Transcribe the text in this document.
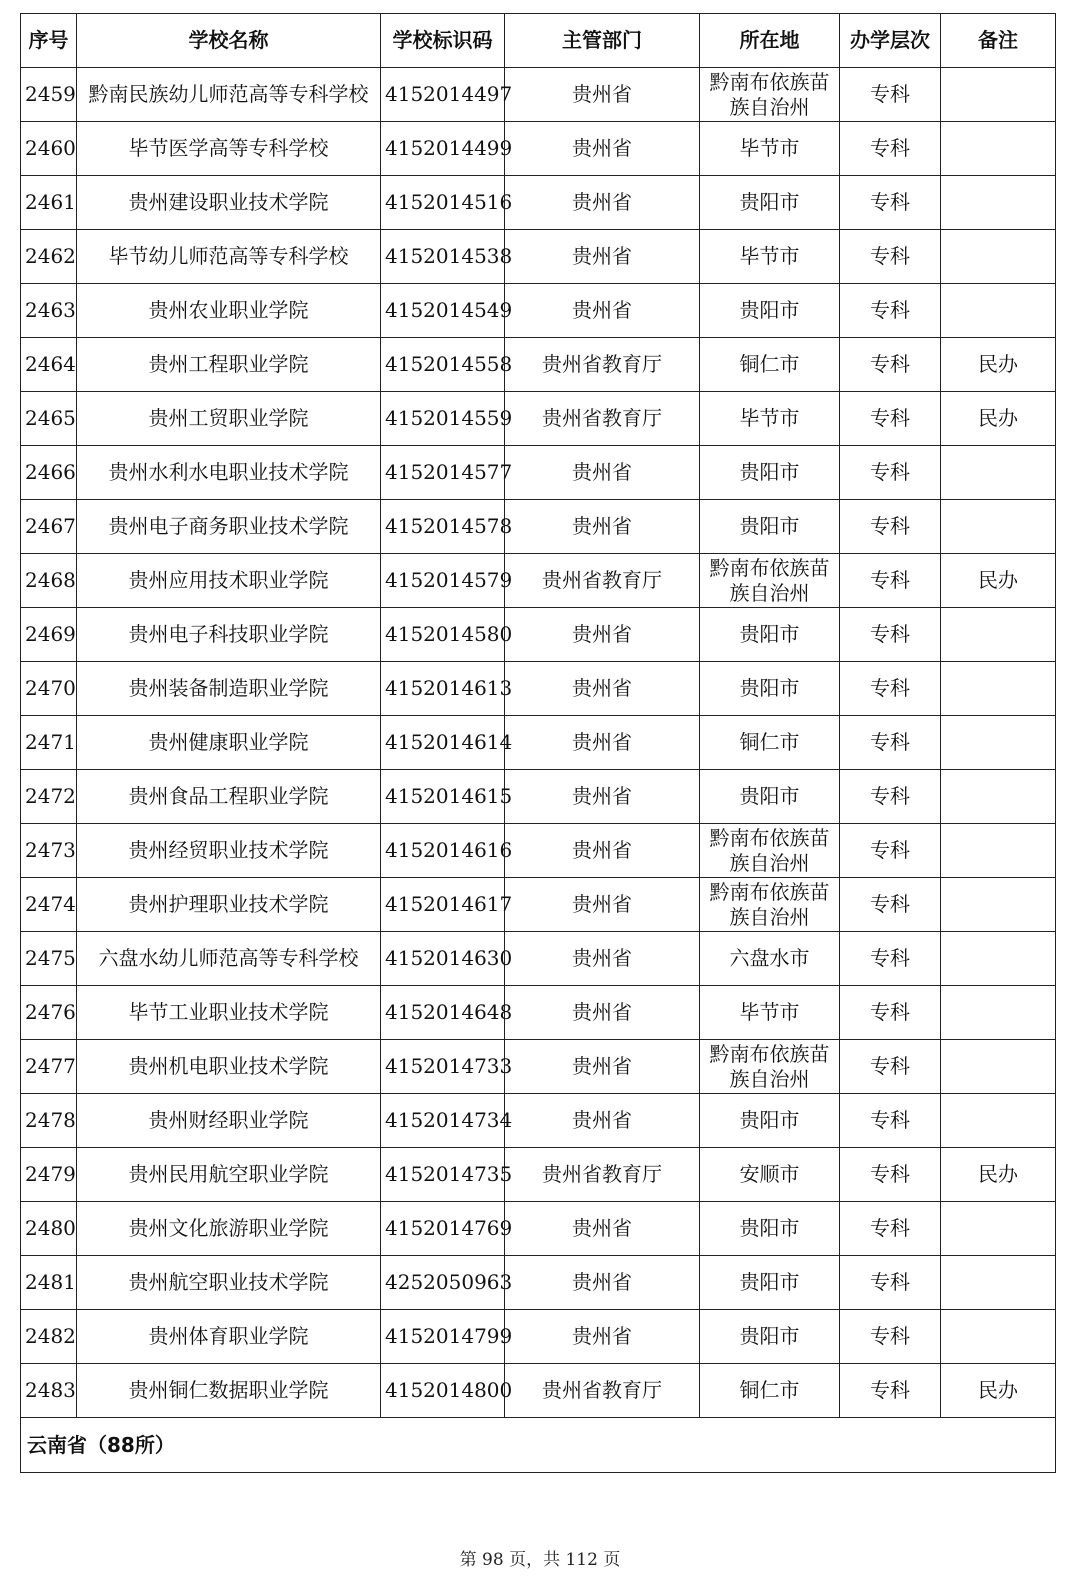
序号	学校名称	学校标识码	主管部门	所在地	办学层次	备注
2459	黔南民族幼儿师范高等专科学校	4152014497	贵州省	黔南布依族苗族自治州	专科	
2460	毕节医学高等专科学校	4152014499	贵州省	毕节市	专科	
2461	贵州建设职业技术学院	4152014516	贵州省	贵阳市	专科	
2462	毕节幼儿师范高等专科学校	4152014538	贵州省	毕节市	专科	
2463	贵州农业职业学院	4152014549	贵州省	贵阳市	专科	
2464	贵州工程职业学院	4152014558	贵州省教育厅	铜仁市	专科	民办
2465	贵州工贸职业学院	4152014559	贵州省教育厅	毕节市	专科	民办
2466	贵州水利水电职业技术学院	4152014577	贵州省	贵阳市	专科	
2467	贵州电子商务职业技术学院	4152014578	贵州省	贵阳市	专科	
2468	贵州应用技术职业学院	4152014579	贵州省教育厅	黔南布依族苗族自治州	专科	民办
2469	贵州电子科技职业学院	4152014580	贵州省	贵阳市	专科	
2470	贵州装备制造职业学院	4152014613	贵州省	贵阳市	专科	
2471	贵州健康职业学院	4152014614	贵州省	铜仁市	专科	
2472	贵州食品工程职业学院	4152014615	贵州省	贵阳市	专科	
2473	贵州经贸职业技术学院	4152014616	贵州省	黔南布依族苗族自治州	专科	
2474	贵州护理职业技术学院	4152014617	贵州省	黔南布依族苗族自治州	专科	
2475	六盘水幼儿师范高等专科学校	4152014630	贵州省	六盘水市	专科	
2476	毕节工业职业技术学院	4152014648	贵州省	毕节市	专科	
2477	贵州机电职业技术学院	4152014733	贵州省	黔南布依族苗族自治州	专科	
2478	贵州财经职业学院	4152014734	贵州省	贵阳市	专科	
2479	贵州民用航空职业学院	4152014735	贵州省教育厅	安顺市	专科	民办
2480	贵州文化旅游职业学院	4152014769	贵州省	贵阳市	专科	
2481	贵州航空职业技术学院	4252050963	贵州省	贵阳市	专科	
2482	贵州体育职业学院	4152014799	贵州省	贵阳市	专科	
2483	贵州铜仁数据职业学院	4152014800	贵州省教育厅	铜仁市	专科	民办
云南省（88所）						
第 98 页，共 112 页
